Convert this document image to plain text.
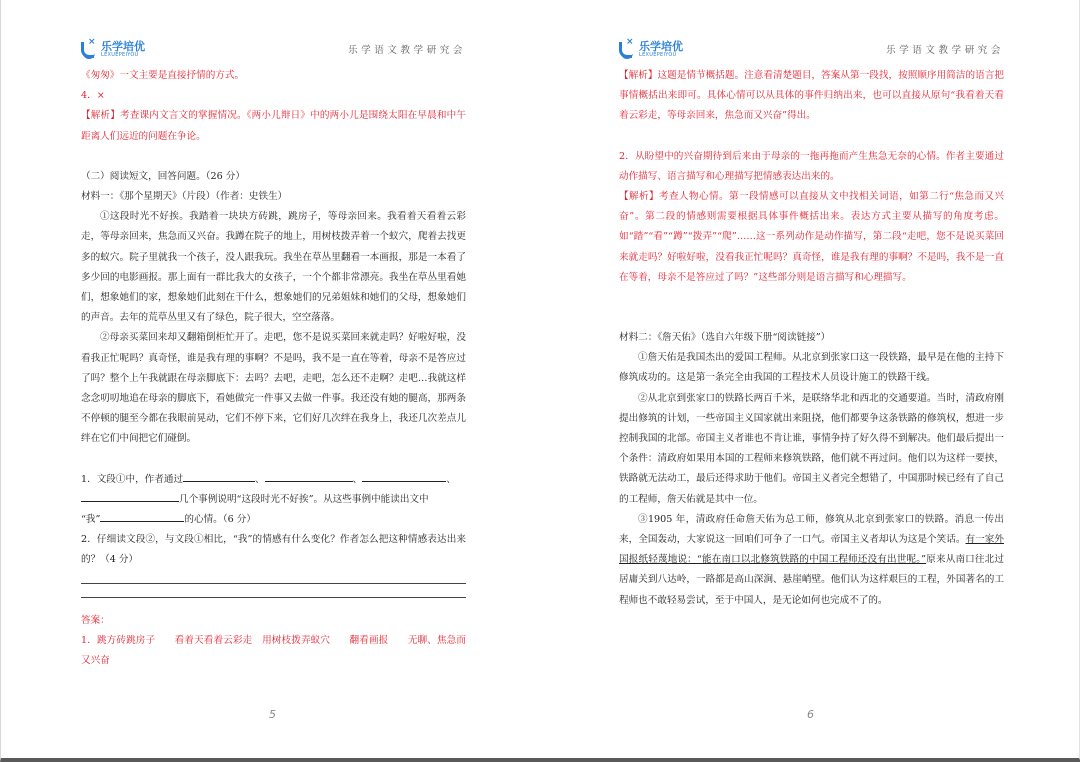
× 乐学培优
LEXUEPEIYOU	乐学语文教学研究会

《匆匆》一文主要是直接抒情的方式。

4．×

【解析】考查课内文言文的掌握情况。《两小儿辩日》中的两小儿是围绕太阳在早晨和中午距离人们远近的问题在争论。

（二）阅读短文，回答问题。（26 分）

材料一：《那个星期天》（片段）（作者：史铁生）

①这段时光不好挨。我踏着一块块方砖跳，跳房子，等母亲回来。我看着天看着云彩走，等母亲回来，焦急而又兴奋。我蹲在院子的地上，用树枝拨弄着一个蚁穴，爬着去找更多的蚁穴。院子里就我一个孩子，没人跟我玩。我坐在草丛里翻看一本画报，那是一本看了多少回的电影画报。那上面有一群比我大的女孩子，一个个都非常漂亮。我坐在草丛里看她们，想象她们的家，想象她们此刻在干什么，想象她们的兄弟姐妹和她们的父母，想象她们的声音。去年的荒草丛里又有了绿色，院子很大，空空落落。

②母亲买菜回来却又翻箱倒柜忙开了。走吧，您不是说买菜回来就走吗？好啦好啦，没看我正忙呢吗？真奇怪，谁是我有理的事啊？不是吗，我不是一直在等着，母亲不是答应过了吗？整个上午我就跟在母亲脚底下：去吗？去吧，走吧，怎么还不走啊？走吧…我就这样念念叨叨地追在母亲的脚底下，看她做完一件事又去做一件事。我还没有她的腿高，那两条不停顿的腿至今都在我眼前晃动，它们不停下来，它们好几次绊在我身上，我还几次差点儿绊在它们中间把它们碰倒。

1．文段①中，作者通过	、	、	、
几个事例说明“这段时光不好挨”。从这些事例中能读出文中
“我”	的心情。（6 分）

2．仔细读文段②，与文段①相比，“我”的情感有什么变化？作者怎么把这种情感表达出来的？（4 分）

答案：

1．跳方砖跳房子　　看着天看着云彩走　用树枝拨弄蚁穴　　翻看画报　　无聊、焦急而又兴奋

5
× 乐学培优
LEXUEPEIYOU	乐学语文教学研究会

【解析】这题是情节概括题。注意看清楚题目，答案从第一段找，按照顺序用简洁的语言把事情概括出来即可。具体心情可以从具体的事件归纳出来，也可以直接从原句“我看着天看着云彩走，等母亲回来，焦急而又兴奋”得出。

2．从盼望中的兴奋期待到后来由于母亲的一拖再拖而产生焦急无奈的心情。作者主要通过动作描写、语言描写和心理描写把情感表达出来的。

【解析】考查人物心情。第一段情感可以直接从文中找相关词语，如第二行“焦急而又兴奋”。第二段的情感则需要根据具体事件概括出来。表达方式主要从描写的角度考虑。如“踏”“看”“蹲”“拨弄”“爬”……这一系列动作是动作描写，第二段“走吧，您不是说买菜回来就走吗？好啦好啦，没看我正忙呢吗？真奇怪，谁是我有理的事啊？不是吗，我不是一直在等着，母亲不是答应过了吗？”这些部分则是语言描写和心理描写。

材料二：《詹天佑》（选自六年级下册“阅读链接”）

①詹天佑是我国杰出的爱国工程师。从北京到张家口这一段铁路，最早是在他的主持下修筑成功的。这是第一条完全由我国的工程技术人员设计施工的铁路干线。

②从北京到张家口的铁路长两百千米，是联络华北和西北的交通要道。当时，清政府刚提出修筑的计划，一些帝国主义国家就出来阻挠，他们都要争这条铁路的修筑权，想进一步控制我国的北部。帝国主义者谁也不肯让谁，事情争持了好久得不到解决。他们最后提出一个条件：清政府如果用本国的工程师来修筑铁路，他们就不再过问。他们以为这样一要挟，铁路就无法动工，最后还得求助于他们。帝国主义者完全想错了，中国那时候已经有了自己的工程师，詹天佑就是其中一位。

③1905 年，清政府任命詹天佑为总工师，修筑从北京到张家口的铁路。消息一传出来，全国轰动，大家说这一回咱们可争了一口气。帝国主义者却认为这是个笑话。有一家外国报纸轻蔑地说：“能在南口以北修筑铁路的中国工程师还没有出世呢。”原来从南口往北过居庸关到八达岭，一路都是高山深涧、悬崖峭壁。他们认为这样艰巨的工程，外国著名的工程师也不敢轻易尝试，至于中国人，是无论如何也完成不了的。

6
